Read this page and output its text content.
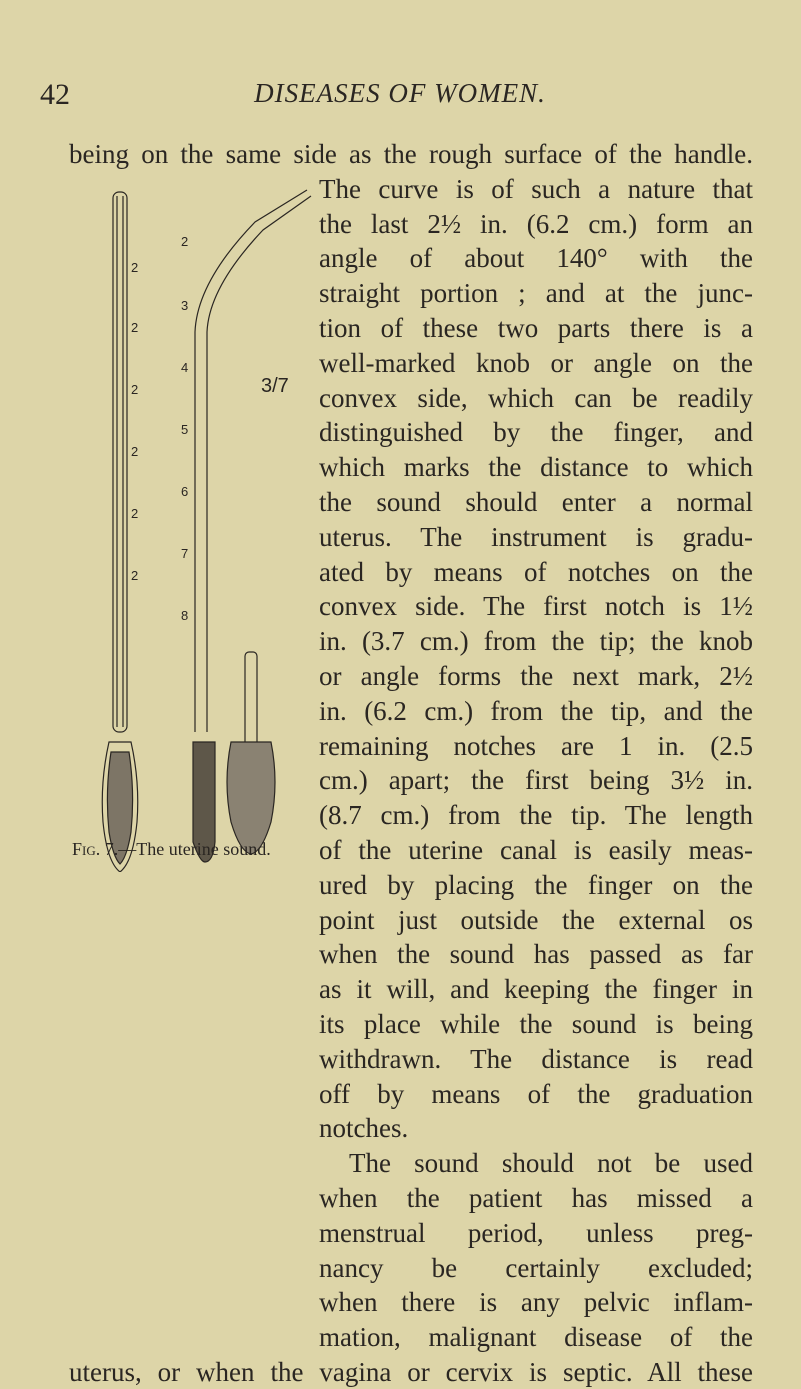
42	DISEASES OF WOMEN.
being on the same side as the rough surface of the handle.
The curve is of such a nature that
the last 2½ in. (6.2 cm.) form an
angle of about 140° with the
straight portion ; and at the junc-
tion of these two parts there is a
well-marked knob or angle on the
convex side, which can be readily
distinguished by the finger, and
which marks the distance to which
the sound should enter a normal
uterus. The instrument is gradu-
ated by means of notches on the
convex side. The first notch is 1½
in. (3.7 cm.) from the tip; the knob
or angle forms the next mark, 2½
in. (6.2 cm.) from the tip, and the
remaining notches are 1 in. (2.5
cm.) apart; the first being 3½ in.
(8.7 cm.) from the tip. The length
of the uterine canal is easily meas-
ured by placing the finger on the
point just outside the external os
when the sound has passed as far
as it will, and keeping the finger in
its place while the sound is being
withdrawn. The distance is read
off by means of the graduation
notches.
The sound should not be used
when the patient has missed a
menstrual period, unless preg-
nancy be certainly excluded;
when there is any pelvic inflam-
mation, malignant disease of the
uterus, or when the vagina or cervix is septic. All these
2
2
2
2
2
2
2
3
4
5
6
7
8
3/7
Fig. 7.—The uterine sound.
